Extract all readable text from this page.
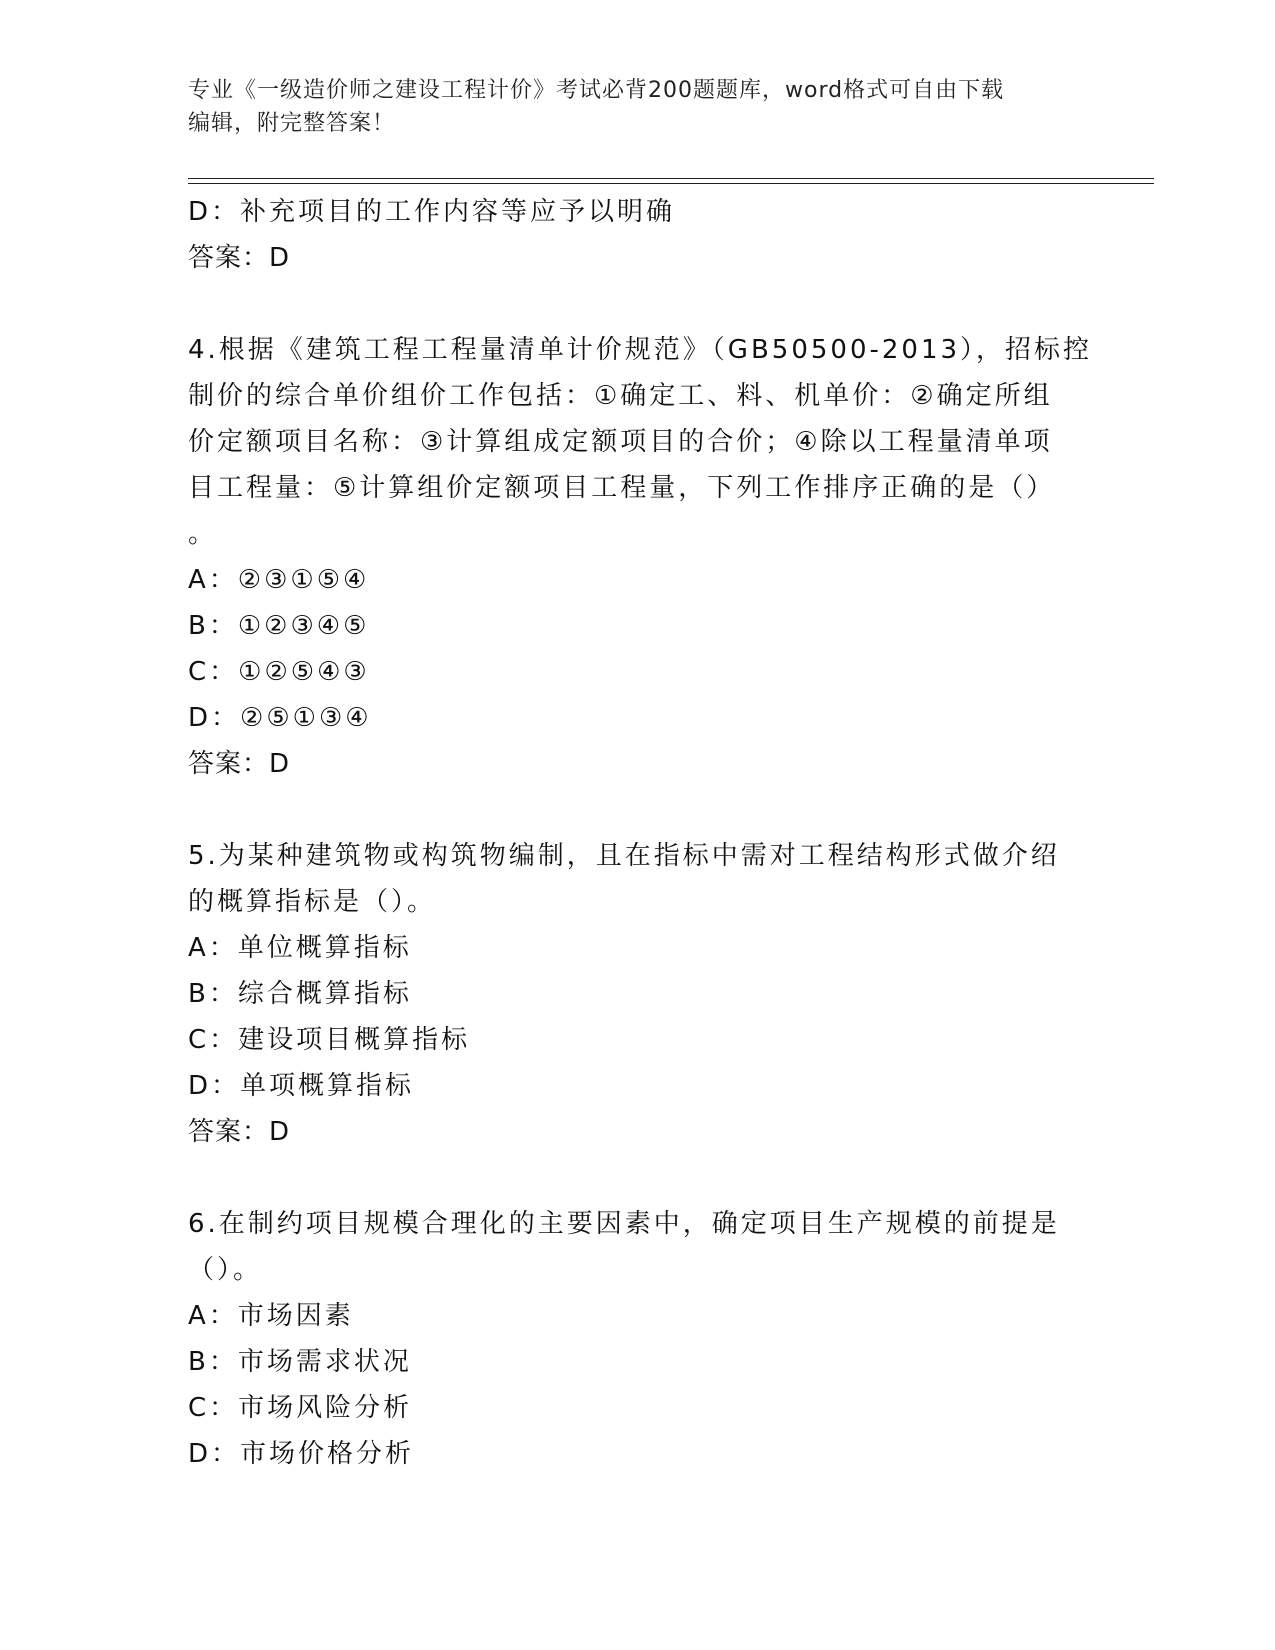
专业《一级造价师之建设工程计价》考试必背200题题库，word格式可自由下载
编辑，附完整答案！
D：补充项目的工作内容等应予以明确
答案：D
4.根据《建筑工程工程量清单计价规范》（GB50500-2013），招标控
制价的综合单价组价工作包括：①确定工、料、机单价：②确定所组
价定额项目名称：③计算组成定额项目的合价；④除以工程量清单项
目工程量：⑤计算组价定额项目工程量，下列工作排序正确的是（）
。
A：②③①⑤④
B：①②③④⑤
C：①②⑤④③
D：②⑤①③④
答案：D
5.为某种建筑物或构筑物编制，且在指标中需对工程结构形式做介绍
的概算指标是（）。
A：单位概算指标
B：综合概算指标
C：建设项目概算指标
D：单项概算指标
答案：D
6.在制约项目规模合理化的主要因素中，确定项目生产规模的前提是
（）。
A：市场因素
B：市场需求状况
C：市场风险分析
D：市场价格分析
